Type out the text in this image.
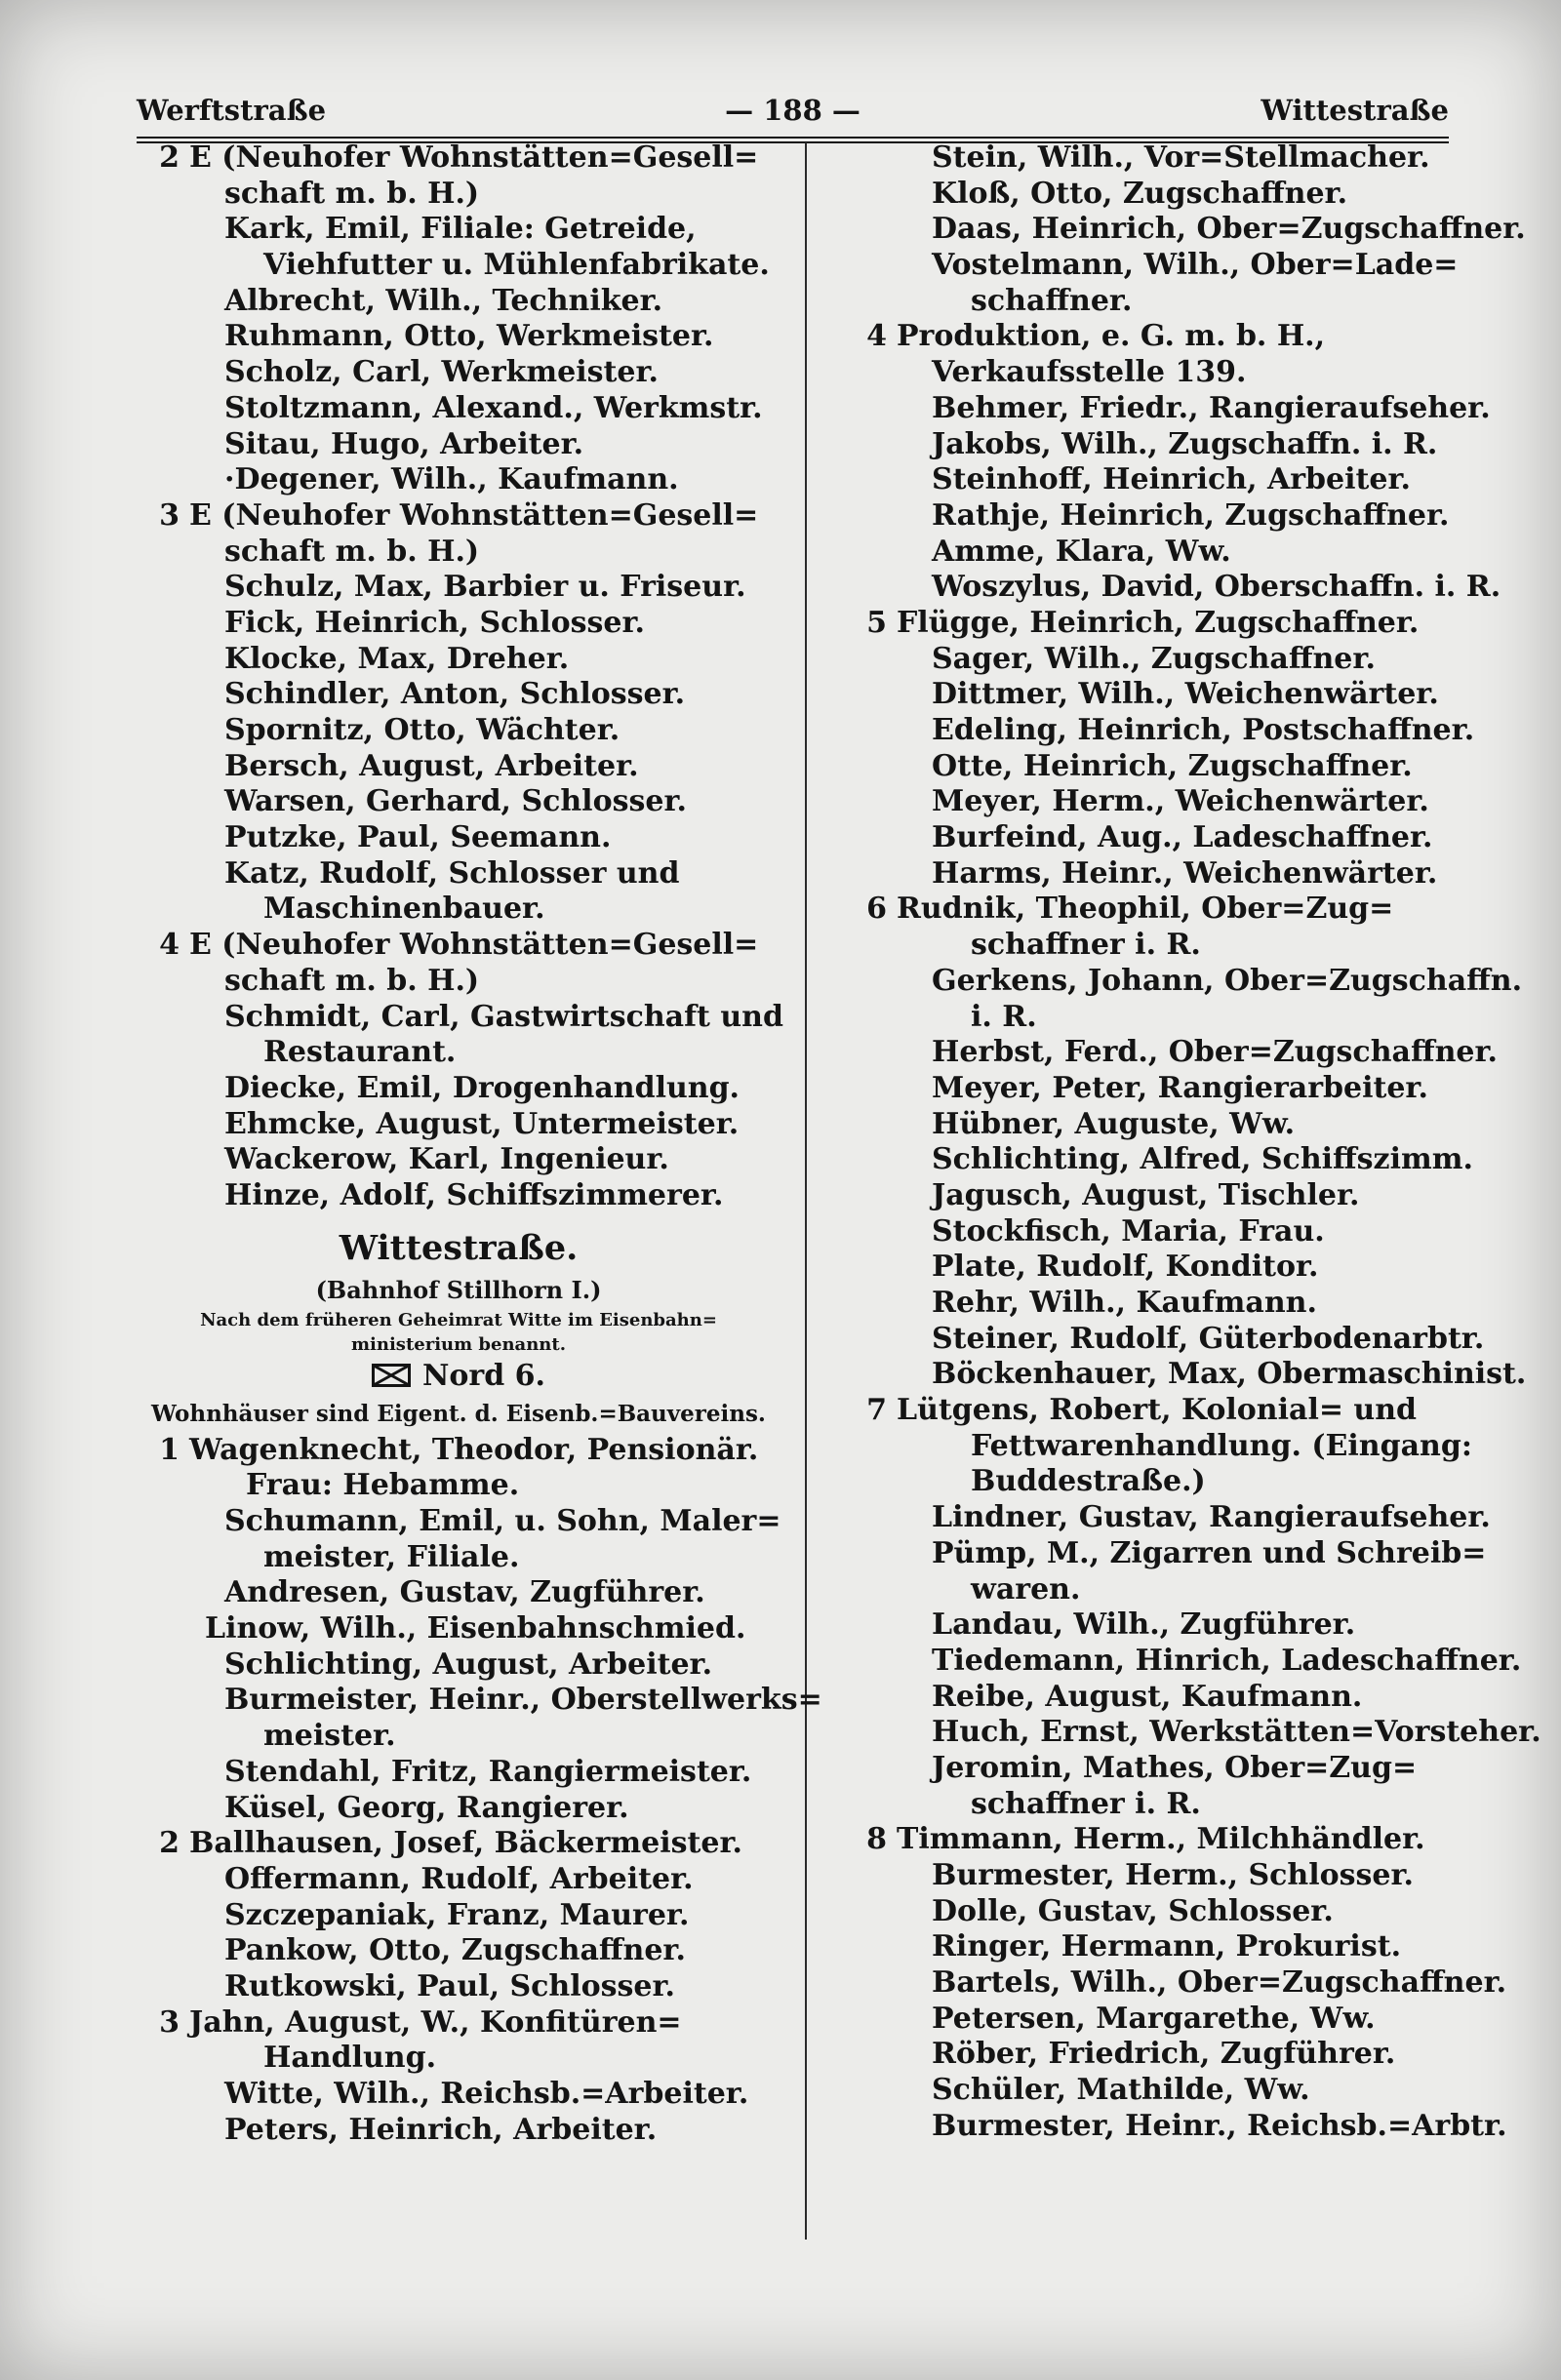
Werftstraße	— 188 —	Wittestraße
2 E (Neuhofer Wohnstätten=Gesell=
schaft m. b. H.)
Kark, Emil, Filiale: Getreide,
Viehfutter u. Mühlenfabrikate.
Albrecht, Wilh., Techniker.
Ruhmann, Otto, Werkmeister.
Scholz, Carl, Werkmeister.
Stoltzmann, Alexand., Werkmstr.
Sitau, Hugo, Arbeiter.
·Degener, Wilh., Kaufmann.
3 E (Neuhofer Wohnstätten=Gesell=
schaft m. b. H.)
Schulz, Max, Barbier u. Friseur.
Fick, Heinrich, Schlosser.
Klocke, Max, Dreher.
Schindler, Anton, Schlosser.
Spornitz, Otto, Wächter.
Bersch, August, Arbeiter.
Warsen, Gerhard, Schlosser.
Putzke, Paul, Seemann.
Katz, Rudolf, Schlosser und
Maschinenbauer.
4 E (Neuhofer Wohnstätten=Gesell=
schaft m. b. H.)
Schmidt, Carl, Gastwirtschaft und
Restaurant.
Diecke, Emil, Drogenhandlung.
Ehmcke, August, Untermeister.
Wackerow, Karl, Ingenieur.
Hinze, Adolf, Schiffszimmerer.
Wittestraße.
(Bahnhof Stillhorn I.)
Nach dem früheren Geheimrat Witte im Eisenbahn=
ministerium benannt.
Nord 6.
Wohnhäuser sind Eigent. d. Eisenb.=Bauvereins.
1 Wagenknecht, Theodor, Pensionär.
Frau: Hebamme.
Schumann, Emil, u. Sohn, Maler=
meister, Filiale.
Andresen, Gustav, Zugführer.
Linow, Wilh., Eisenbahnschmied.
Schlichting, August, Arbeiter.
Burmeister, Heinr., Oberstellwerks=
meister.
Stendahl, Fritz, Rangiermeister.
Küsel, Georg, Rangierer.
2 Ballhausen, Josef, Bäckermeister.
Offermann, Rudolf, Arbeiter.
Szczepaniak, Franz, Maurer.
Pankow, Otto, Zugschaffner.
Rutkowski, Paul, Schlosser.
3 Jahn, August, W., Konfitüren=
Handlung.
Witte, Wilh., Reichsb.=Arbeiter.
Peters, Heinrich, Arbeiter.
Stein, Wilh., Vor=Stellmacher.
Kloß, Otto, Zugschaffner.
Daas, Heinrich, Ober=Zugschaffner.
Vostelmann, Wilh., Ober=Lade=
schaffner.
4 Produktion, e. G. m. b. H.,
Verkaufsstelle 139.
Behmer, Friedr., Rangieraufseher.
Jakobs, Wilh., Zugschaffn. i. R.
Steinhoff, Heinrich, Arbeiter.
Rathje, Heinrich, Zugschaffner.
Amme, Klara, Ww.
Woszylus, David, Oberschaffn. i. R.
5 Flügge, Heinrich, Zugschaffner.
Sager, Wilh., Zugschaffner.
Dittmer, Wilh., Weichenwärter.
Edeling, Heinrich, Postschaffner.
Otte, Heinrich, Zugschaffner.
Meyer, Herm., Weichenwärter.
Burfeind, Aug., Ladeschaffner.
Harms, Heinr., Weichenwärter.
6 Rudnik, Theophil, Ober=Zug=
schaffner i. R.
Gerkens, Johann, Ober=Zugschaffn.
i. R.
Herbst, Ferd., Ober=Zugschaffner.
Meyer, Peter, Rangierarbeiter.
Hübner, Auguste, Ww.
Schlichting, Alfred, Schiffszimm.
Jagusch, August, Tischler.
Stockfisch, Maria, Frau.
Plate, Rudolf, Konditor.
Rehr, Wilh., Kaufmann.
Steiner, Rudolf, Güterbodenarbtr.
Böckenhauer, Max, Obermaschinist.
7 Lütgens, Robert, Kolonial= und
Fettwarenhandlung. (Eingang:
Buddestraße.)
Lindner, Gustav, Rangieraufseher.
Pümp, M., Zigarren und Schreib=
waren.
Landau, Wilh., Zugführer.
Tiedemann, Hinrich, Ladeschaffner.
Reibe, August, Kaufmann.
Huch, Ernst, Werkstätten=Vorsteher.
Jeromin, Mathes, Ober=Zug=
schaffner i. R.
8 Timmann, Herm., Milchhändler.
Burmester, Herm., Schlosser.
Dolle, Gustav, Schlosser.
Ringer, Hermann, Prokurist.
Bartels, Wilh., Ober=Zugschaffner.
Petersen, Margarethe, Ww.
Röber, Friedrich, Zugführer.
Schüler, Mathilde, Ww.
Burmester, Heinr., Reichsb.=Arbtr.
